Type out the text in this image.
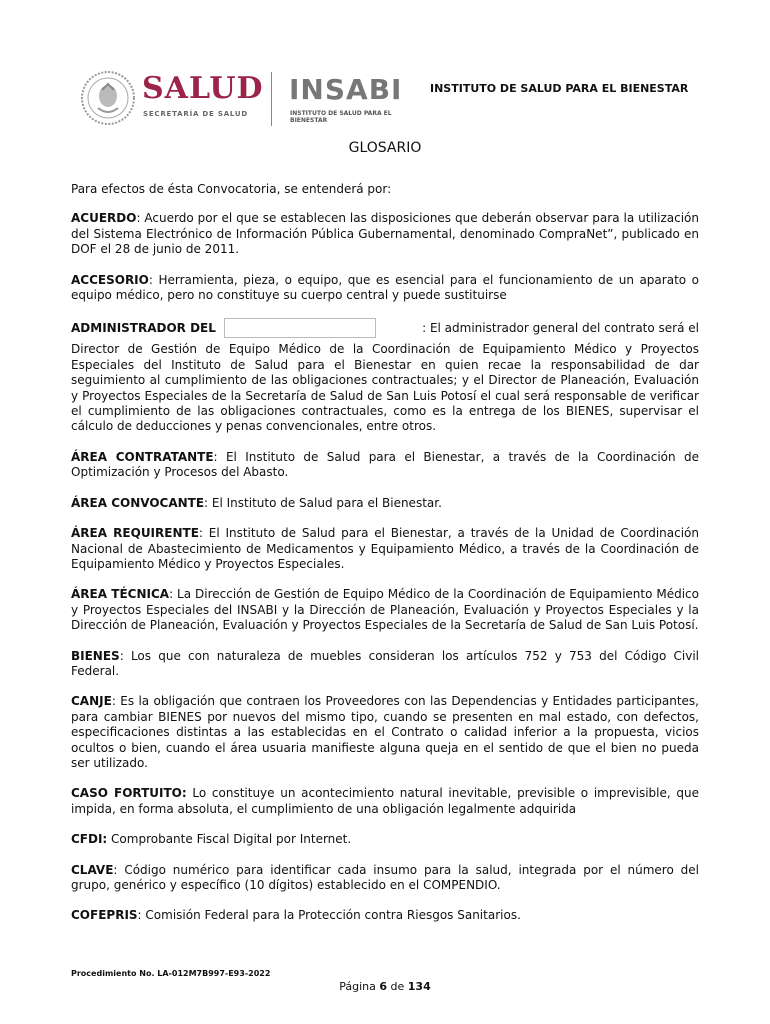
SALUD
SECRETARÍA DE SALUD
INSABI
INSTITUTO DE SALUD PARA EL BIENESTAR
INSTITUTO DE SALUD PARA EL BIENESTAR
GLOSARIO

Para efectos de ésta Convocatoria, se entenderá por:

ACUERDO: Acuerdo por el que se establecen las disposiciones que deberán observar para la utilización del Sistema Electrónico de Información Pública Gubernamental, denominado CompraNet”, publicado en DOF el 28 de junio de 2011.

ACCESORIO: Herramienta, pieza, o equipo, que es esencial para el funcionamiento de un aparato o equipo médico, pero no constituye su cuerpo central y puede sustituirse

ADMINISTRADOR DEL	: El administrador general del contrato será el

Director de Gestión de Equipo Médico de la Coordinación de Equipamiento Médico y Proyectos Especiales del Instituto de Salud para el Bienestar en quien recae la responsabilidad de dar seguimiento al cumplimiento de las obligaciones contractuales; y el Director de Planeación, Evaluación y Proyectos Especiales de la Secretaría de Salud de San Luis Potosí el cual será responsable de verificar el cumplimiento de las obligaciones contractuales, como es la entrega de los BIENES, supervisar el cálculo de deducciones y penas convencionales, entre otros.

ÁREA CONTRATANTE: El Instituto de Salud para el Bienestar, a través de la Coordinación de Optimización y Procesos del Abasto.

ÁREA CONVOCANTE: El Instituto de Salud para el Bienestar.

ÁREA REQUIRENTE: El Instituto de Salud para el Bienestar, a través de la Unidad de Coordinación Nacional de Abastecimiento de Medicamentos y Equipamiento Médico, a través de la Coordinación de Equipamiento Médico y Proyectos Especiales.

ÁREA TÉCNICA: La Dirección de Gestión de Equipo Médico de la Coordinación de Equipamiento Médico y Proyectos Especiales del INSABI y la Dirección de Planeación, Evaluación y Proyectos Especiales y la Dirección de Planeación, Evaluación y Proyectos Especiales de la Secretaría de Salud de San Luis Potosí.

BIENES: Los que con naturaleza de muebles consideran los artículos 752 y 753 del Código Civil Federal.

CANJE: Es la obligación que contraen los Proveedores con las Dependencias y Entidades participantes, para cambiar BIENES por nuevos del mismo tipo, cuando se presenten en mal estado, con defectos, especificaciones distintas a las establecidas en el Contrato o calidad inferior a la propuesta, vicios ocultos o bien, cuando el área usuaria manifieste alguna queja en el sentido de que el bien no pueda ser utilizado.

CASO FORTUITO: Lo constituye un acontecimiento natural inevitable, previsible o imprevisible, que impida, en forma absoluta, el cumplimiento de una obligación legalmente adquirida

CFDI: Comprobante Fiscal Digital por Internet.

CLAVE: Código numérico para identificar cada insumo para la salud, integrada por el número del grupo, genérico y específico (10 dígitos) establecido en el COMPENDIO.

COFEPRIS: Comisión Federal para la Protección contra Riesgos Sanitarios.

Procedimiento No. LA-012M7B997-E93-2022
Página 6 de 134
